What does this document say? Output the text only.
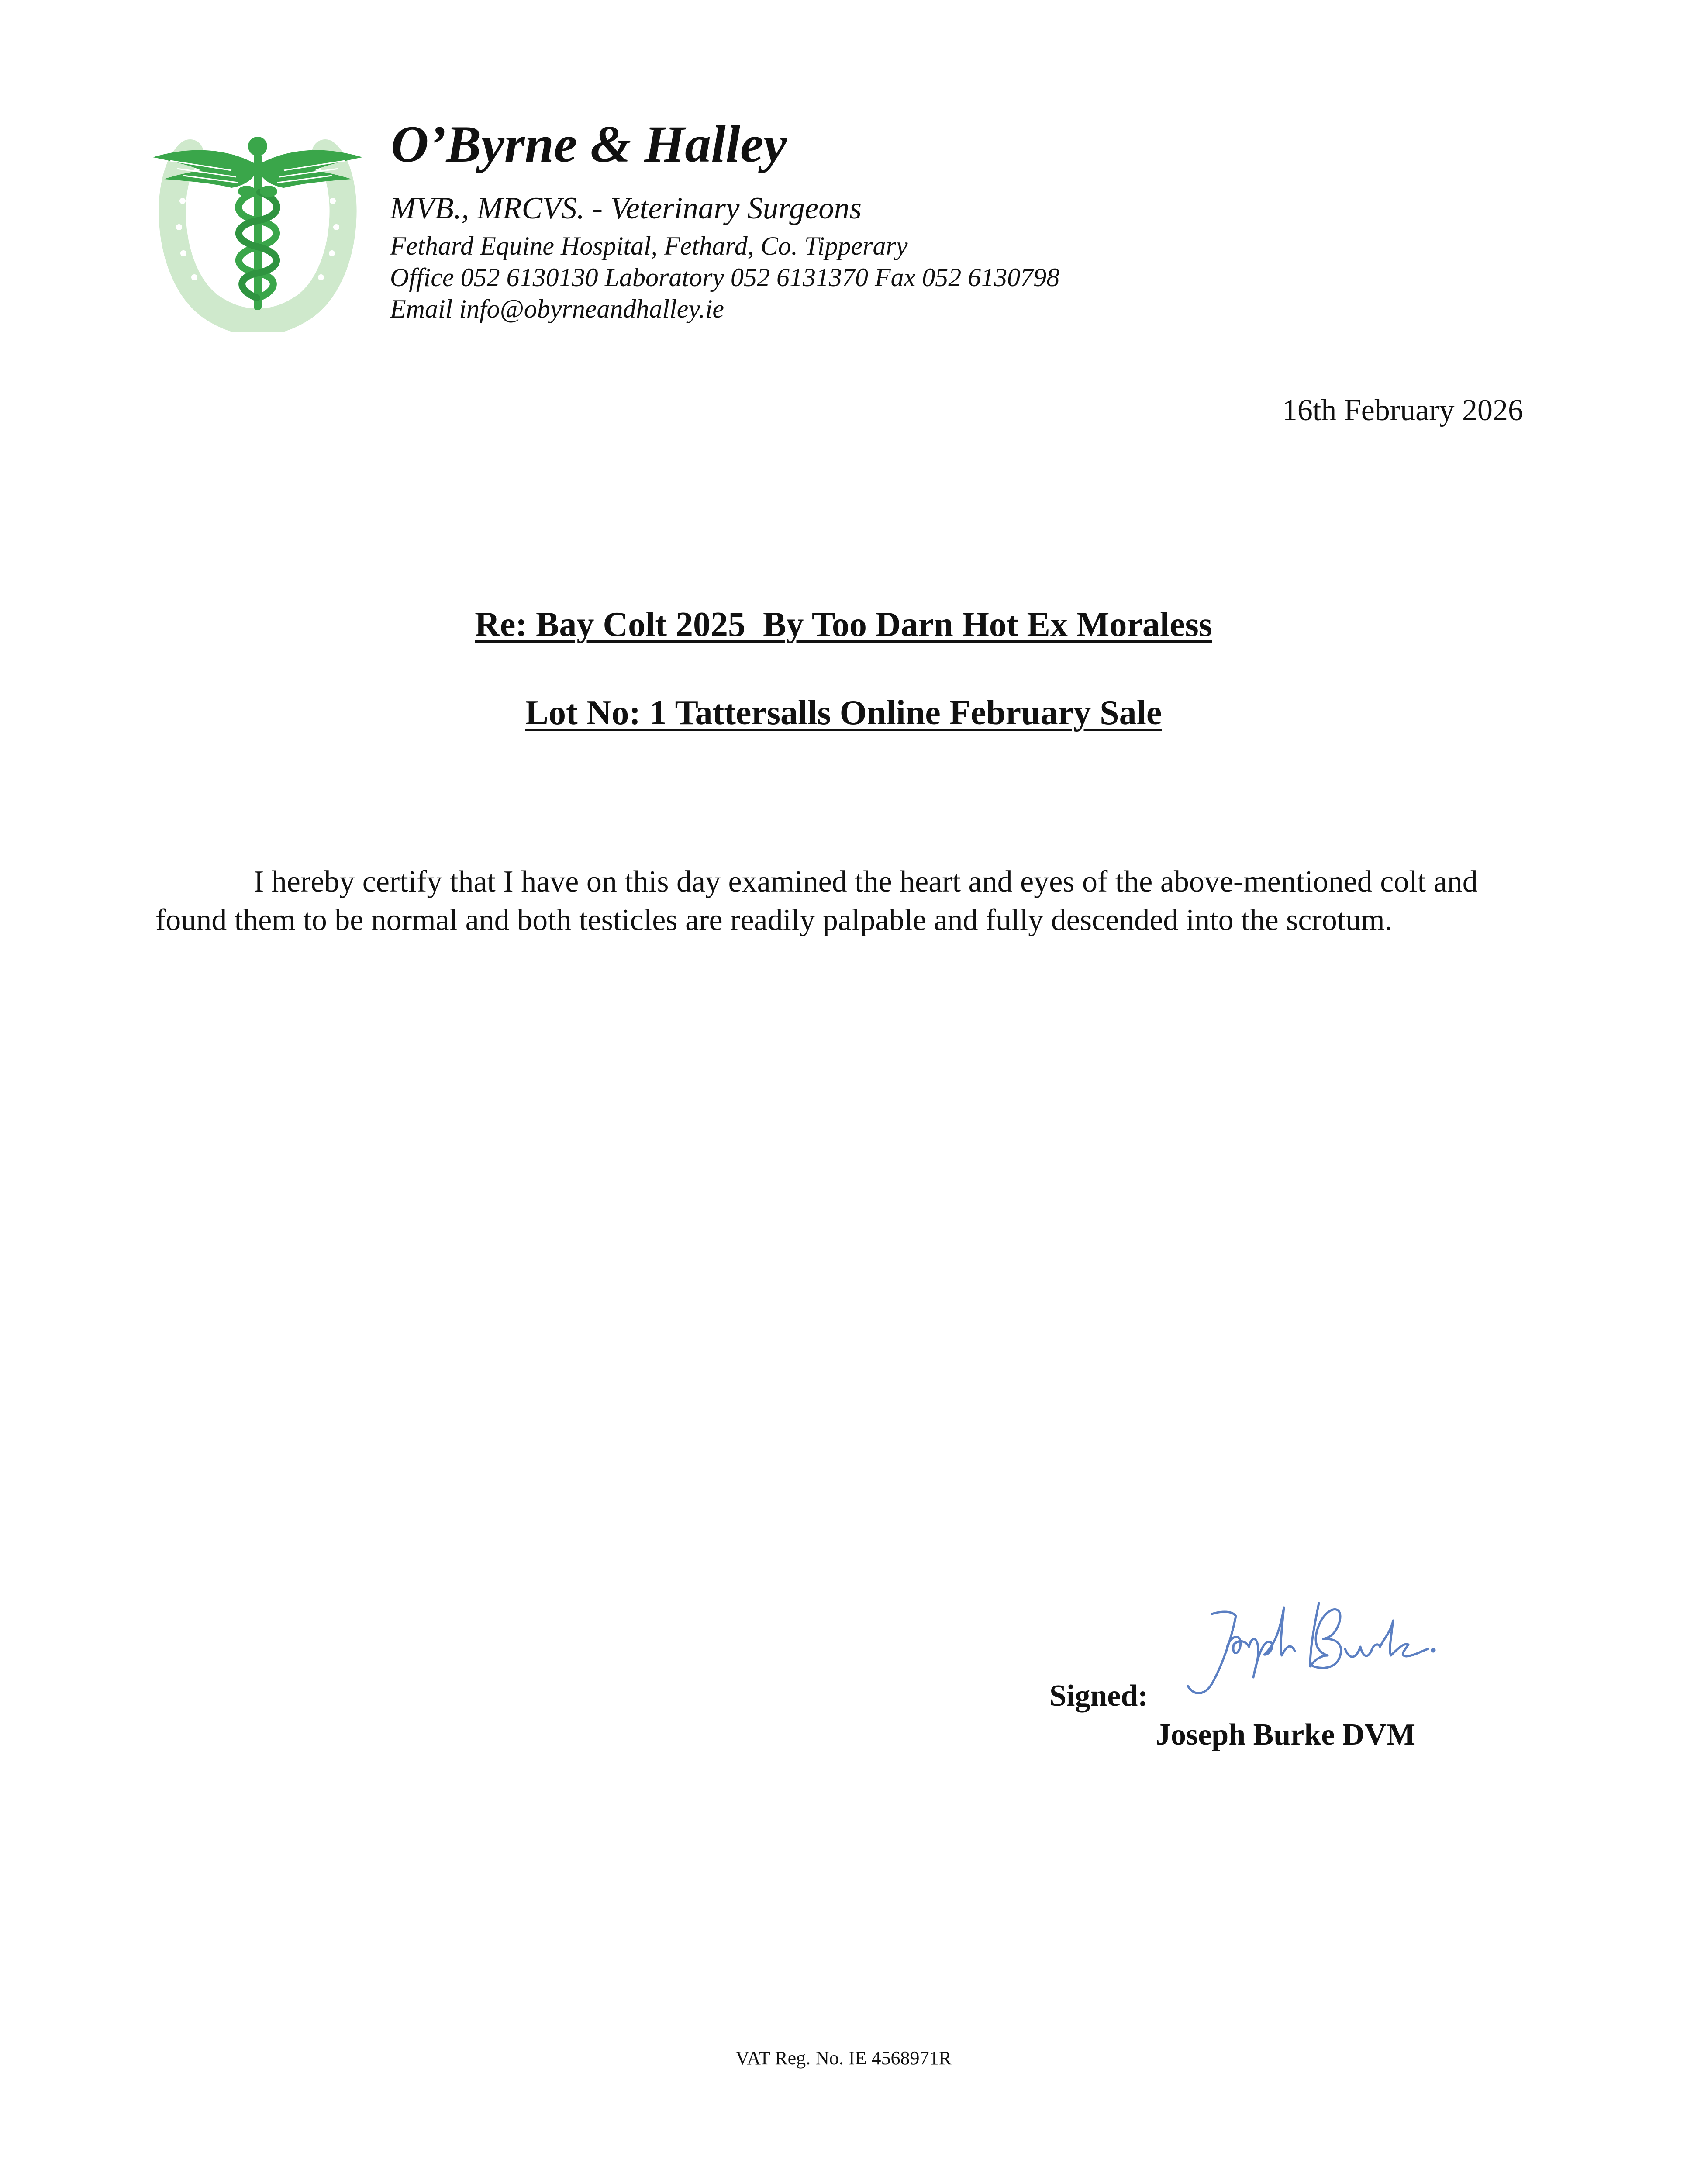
O’Byrne & Halley
MVB., MRCVS. - Veterinary Surgeons
Fethard Equine Hospital, Fethard, Co. Tipperary
Office 052 6130130 Laboratory 052 6131370 Fax 052 6130798
Email info@obyrneandhalley.ie
16th February 2026
Re: Bay Colt 2025  By Too Darn Hot Ex Moraless
Lot No: 1 Tattersalls Online February Sale
I hereby certify that I have on this day examined the heart and eyes of the above-mentioned colt and found them to be normal and both testicles are readily palpable and fully descended into the scrotum.
Signed:
Joseph Burke DVM
VAT Reg. No. IE 4568971R
